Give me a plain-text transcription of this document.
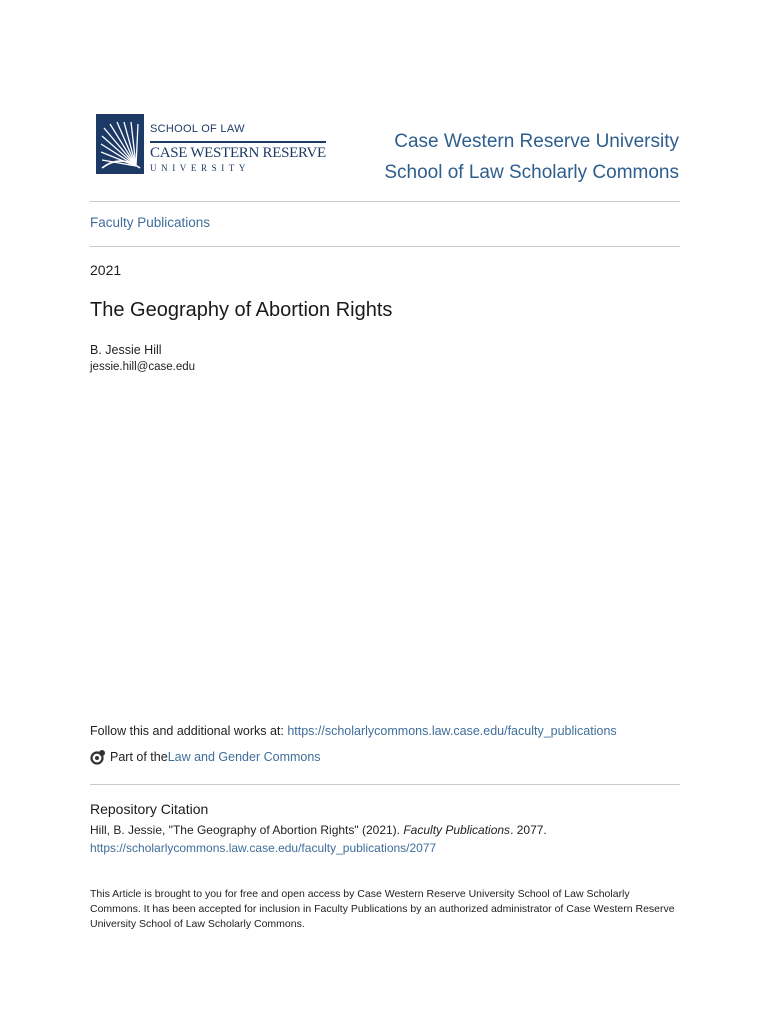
SCHOOL OF LAW
CASE WESTERN RESERVE
UNIVERSITY
Case Western Reserve University
School of Law Scholarly Commons
Faculty Publications
2021
The Geography of Abortion Rights
B. Jessie Hill
jessie.hill@case.edu
Follow this and additional works at: https://scholarlycommons.law.case.edu/faculty_publications
Part of the Law and Gender Commons
Repository Citation
Hill, B. Jessie, "The Geography of Abortion Rights" (2021). Faculty Publications. 2077.
https://scholarlycommons.law.case.edu/faculty_publications/2077
This Article is brought to you for free and open access by Case Western Reserve University School of Law Scholarly Commons. It has been accepted for inclusion in Faculty Publications by an authorized administrator of Case Western Reserve University School of Law Scholarly Commons.
